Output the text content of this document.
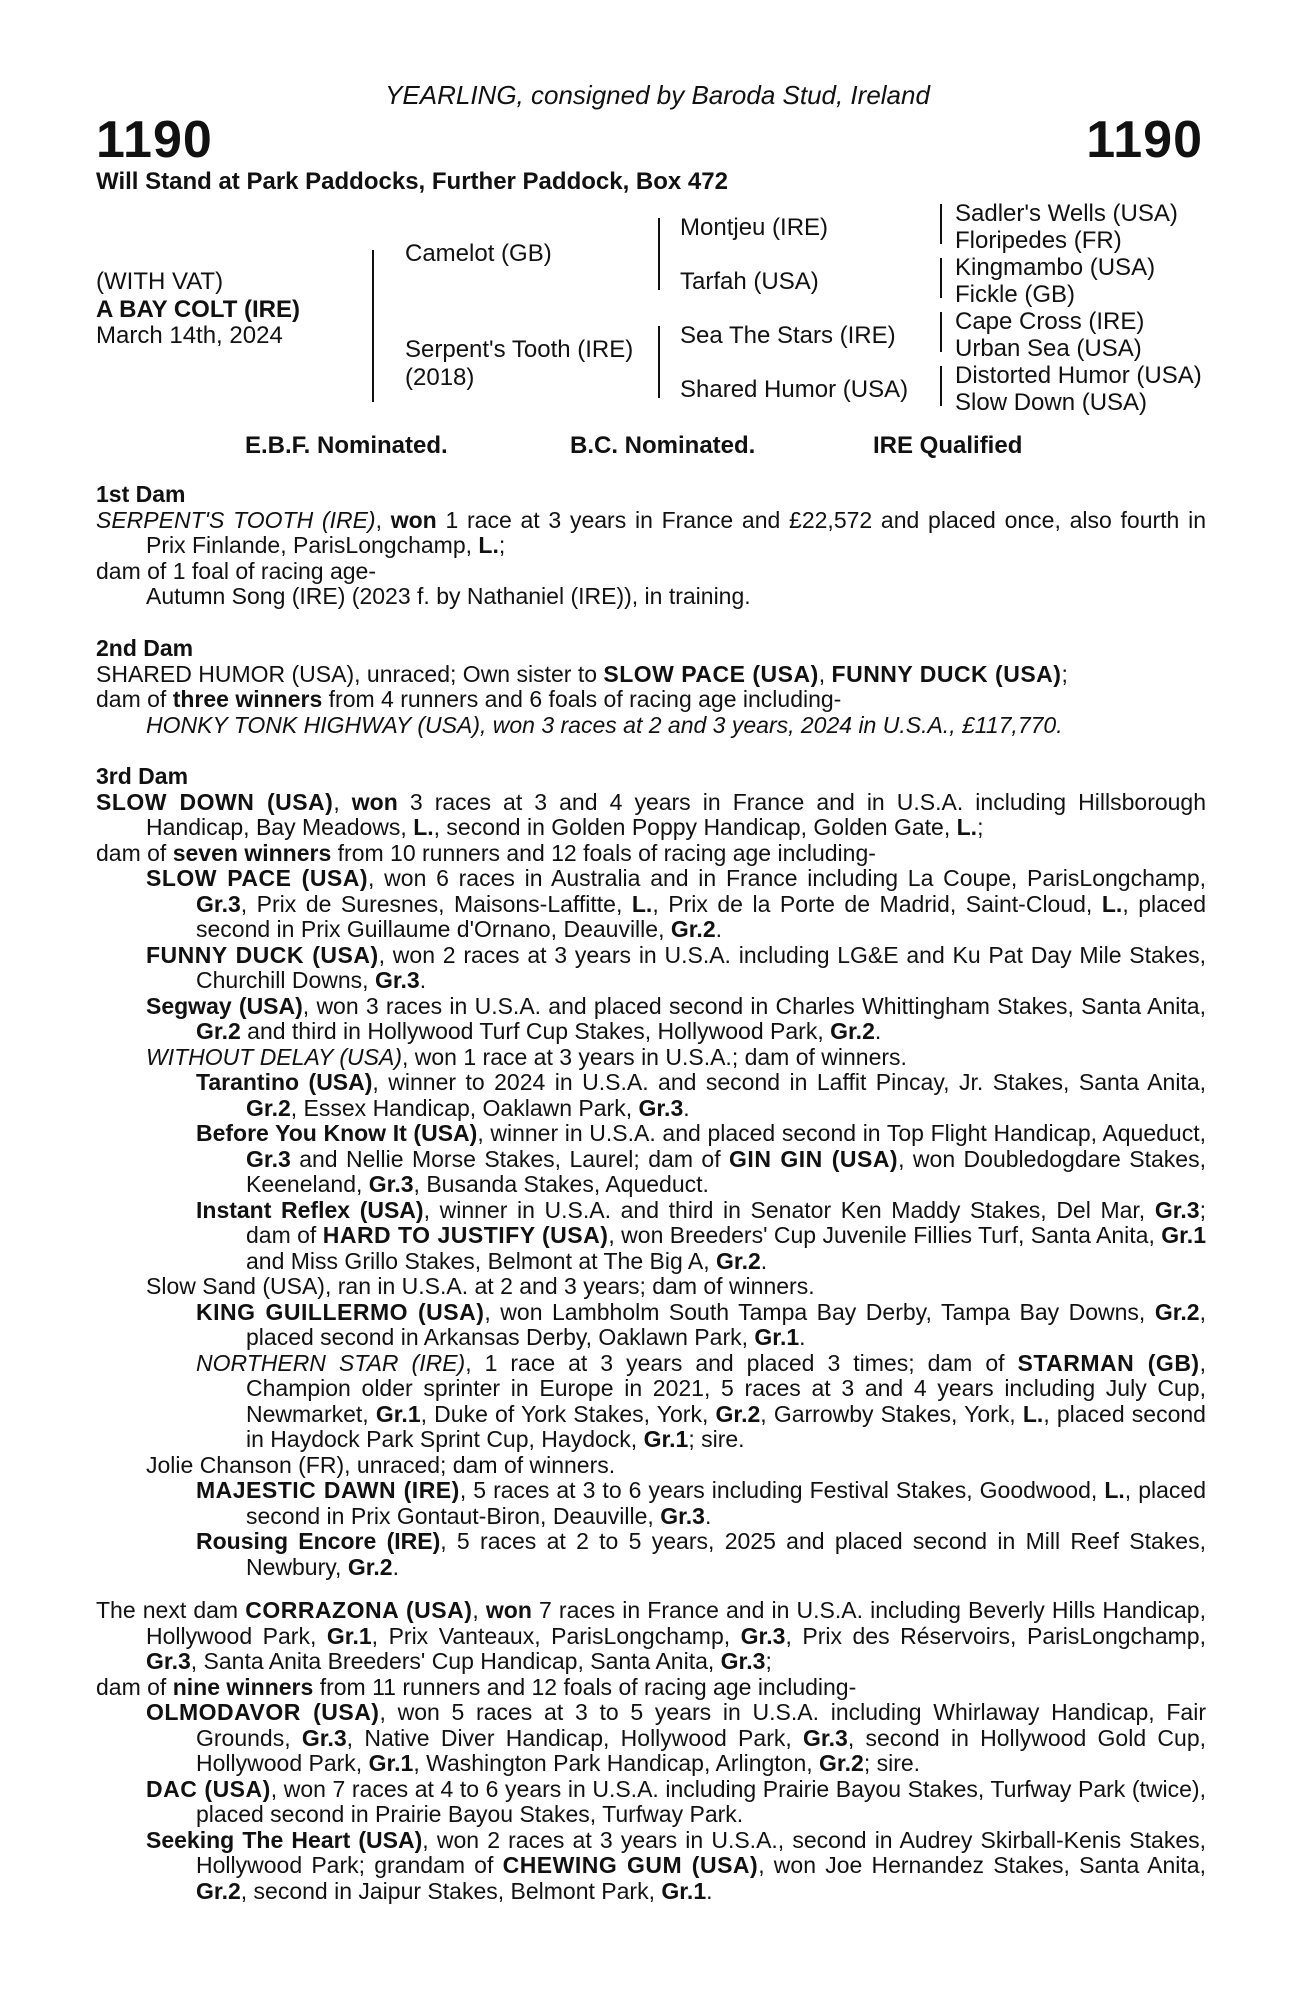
YEARLING, consigned by Baroda Stud, Ireland
1190	1190
Will Stand at Park Paddocks, Further Paddock, Box 472
(WITH VAT)
A BAY COLT (IRE)
March 14th, 2024
Camelot (GB)
Serpent's Tooth (IRE)
(2018)
Montjeu (IRE)
Tarfah (USA)
Sea The Stars (IRE)
Shared Humor (USA)
Sadler's Wells (USA)
Floripedes (FR)
Kingmambo (USA)
Fickle (GB)
Cape Cross (IRE)
Urban Sea (USA)
Distorted Humor (USA)
Slow Down (USA)
E.B.F. Nominated.	B.C. Nominated.	IRE Qualified
1st Dam

SERPENT'S TOOTH (IRE), won 1 race at 3 years in France and £22,572 and placed once, also fourth in Prix Finlande, ParisLongchamp, L.;

dam of 1 foal of racing age-

Autumn Song (IRE) (2023 f. by Nathaniel (IRE)), in training.

2nd Dam

SHARED HUMOR (USA), unraced; Own sister to SLOW PACE (USA), FUNNY DUCK (USA);

dam of three winners from 4 runners and 6 foals of racing age including-

HONKY TONK HIGHWAY (USA), won 3 races at 2 and 3 years, 2024 in U.S.A., £117,770.

3rd Dam

SLOW DOWN (USA), won 3 races at 3 and 4 years in France and in U.S.A. including Hillsborough Handicap, Bay Meadows, L., second in Golden Poppy Handicap, Golden Gate, L.;

dam of seven winners from 10 runners and 12 foals of racing age including-

SLOW PACE (USA), won 6 races in Australia and in France including La Coupe, ParisLongchamp, Gr.3, Prix de Suresnes, Maisons-Laffitte, L., Prix de la Porte de Madrid, Saint-Cloud, L., placed second in Prix Guillaume d'Ornano, Deauville, Gr.2.

FUNNY DUCK (USA), won 2 races at 3 years in U.S.A. including LG&E and Ku Pat Day Mile Stakes, Churchill Downs, Gr.3.

Segway (USA), won 3 races in U.S.A. and placed second in Charles Whittingham Stakes, Santa Anita, Gr.2 and third in Hollywood Turf Cup Stakes, Hollywood Park, Gr.2.

WITHOUT DELAY (USA), won 1 race at 3 years in U.S.A.; dam of winners.

Tarantino (USA), winner to 2024 in U.S.A. and second in Laffit Pincay, Jr. Stakes, Santa Anita, Gr.2, Essex Handicap, Oaklawn Park, Gr.3.

Before You Know It (USA), winner in U.S.A. and placed second in Top Flight Handicap, Aqueduct, Gr.3 and Nellie Morse Stakes, Laurel; dam of GIN GIN (USA), won Doubledogdare Stakes, Keeneland, Gr.3, Busanda Stakes, Aqueduct.

Instant Reflex (USA), winner in U.S.A. and third in Senator Ken Maddy Stakes, Del Mar, Gr.3; dam of HARD TO JUSTIFY (USA), won Breeders' Cup Juvenile Fillies Turf, Santa Anita, Gr.1 and Miss Grillo Stakes, Belmont at The Big A, Gr.2.

Slow Sand (USA), ran in U.S.A. at 2 and 3 years; dam of winners.

KING GUILLERMO (USA), won Lambholm South Tampa Bay Derby, Tampa Bay Downs, Gr.2, placed second in Arkansas Derby, Oaklawn Park, Gr.1.

NORTHERN STAR (IRE), 1 race at 3 years and placed 3 times; dam of STARMAN (GB), Champion older sprinter in Europe in 2021, 5 races at 3 and 4 years including July Cup, Newmarket, Gr.1, Duke of York Stakes, York, Gr.2, Garrowby Stakes, York, L., placed second in Haydock Park Sprint Cup, Haydock, Gr.1; sire.

Jolie Chanson (FR), unraced; dam of winners.

MAJESTIC DAWN (IRE), 5 races at 3 to 6 years including Festival Stakes, Goodwood, L., placed second in Prix Gontaut-Biron, Deauville, Gr.3.

Rousing Encore (IRE), 5 races at 2 to 5 years, 2025 and placed second in Mill Reef Stakes, Newbury, Gr.2.

The next dam CORRAZONA (USA), won 7 races in France and in U.S.A. including Beverly Hills Handicap, Hollywood Park, Gr.1, Prix Vanteaux, ParisLongchamp, Gr.3, Prix des Réservoirs, ParisLongchamp, Gr.3, Santa Anita Breeders' Cup Handicap, Santa Anita, Gr.3;

dam of nine winners from 11 runners and 12 foals of racing age including-

OLMODAVOR (USA), won 5 races at 3 to 5 years in U.S.A. including Whirlaway Handicap, Fair Grounds, Gr.3, Native Diver Handicap, Hollywood Park, Gr.3, second in Hollywood Gold Cup, Hollywood Park, Gr.1, Washington Park Handicap, Arlington, Gr.2; sire.

DAC (USA), won 7 races at 4 to 6 years in U.S.A. including Prairie Bayou Stakes, Turfway Park (twice), placed second in Prairie Bayou Stakes, Turfway Park.

Seeking The Heart (USA), won 2 races at 3 years in U.S.A., second in Audrey Skirball-Kenis Stakes, Hollywood Park; grandam of CHEWING GUM (USA), won Joe Hernandez Stakes, Santa Anita, Gr.2, second in Jaipur Stakes, Belmont Park, Gr.1.
